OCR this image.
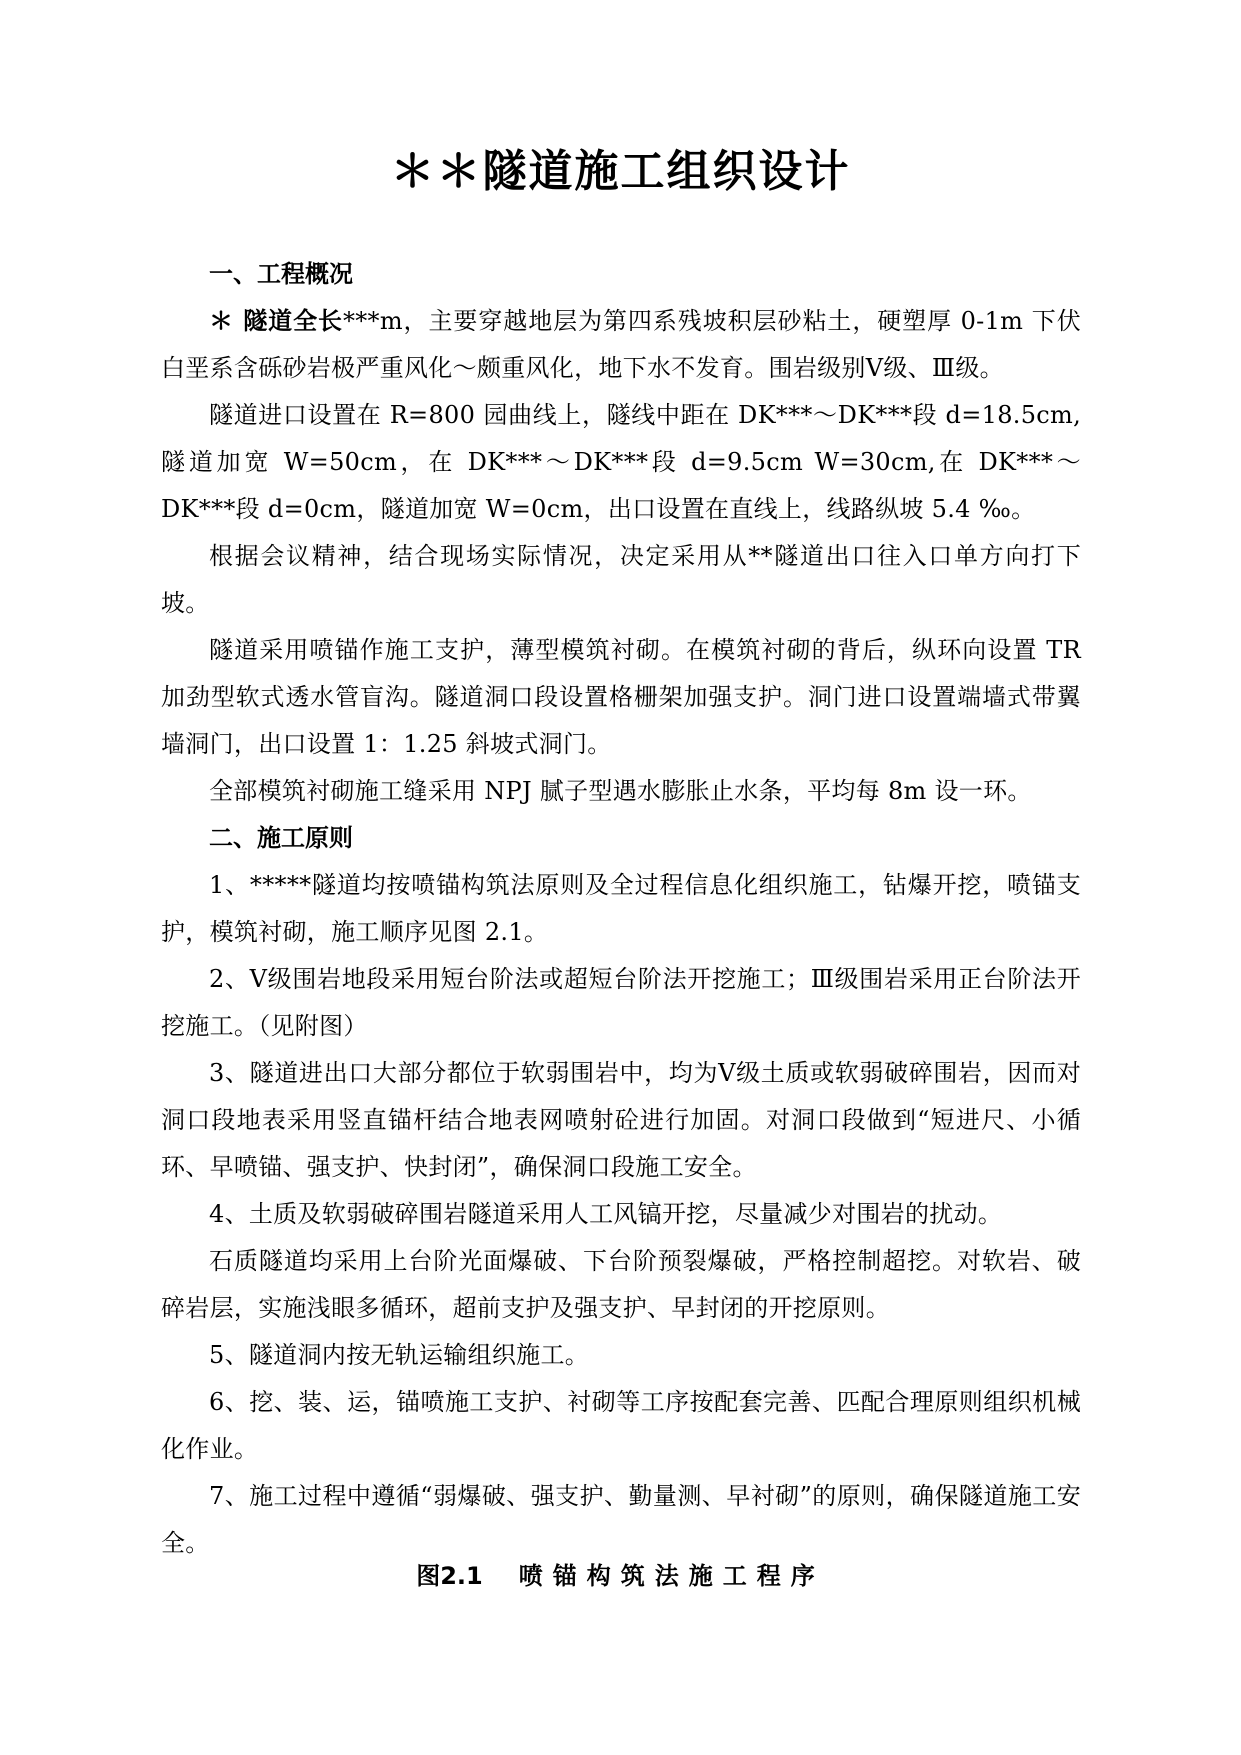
＊＊隧道施工组织设计
一、工程概况

＊ 隧道全长***m，主要穿越地层为第四系残坡积层砂粘土，硬塑厚 0-1m 下伏白垩系含砾砂岩极严重风化～颇重风化，地下水不发育。围岩级别Ⅴ级、Ⅲ级。

隧道进口设置在 R=800 园曲线上，隧线中距在 DK***～DK***段 d=18.5cm,隧道加宽 W=50cm，在 DK***～DK***段 d=9.5cm W=30cm,在 DK***～DK***段 d=0cm，隧道加宽 W=0cm，出口设置在直线上，线路纵坡 5.4 ‰。

根据会议精神，结合现场实际情况，决定采用从**隧道出口往入口单方向打下坡。

隧道采用喷锚作施工支护，薄型模筑衬砌。在模筑衬砌的背后，纵环向设置 TR 加劲型软式透水管盲沟。隧道洞口段设置格栅架加强支护。洞门进口设置端墙式带翼墙洞门，出口设置 1：1.25 斜坡式洞门。

全部模筑衬砌施工缝采用 NPJ 腻子型遇水膨胀止水条，平均每 8m 设一环。

二、施工原则

1、*****隧道均按喷锚构筑法原则及全过程信息化组织施工，钻爆开挖，喷锚支护，模筑衬砌，施工顺序见图 2.1。

2、Ⅴ级围岩地段采用短台阶法或超短台阶法开挖施工；Ⅲ级围岩采用正台阶法开挖施工。（见附图）

3、隧道进出口大部分都位于软弱围岩中，均为Ⅴ级土质或软弱破碎围岩，因而对洞口段地表采用竖直锚杆结合地表网喷射砼进行加固。对洞口段做到“短进尺、小循环、早喷锚、强支护、快封闭”，确保洞口段施工安全。

4、土质及软弱破碎围岩隧道采用人工风镐开挖，尽量减少对围岩的扰动。

石质隧道均采用上台阶光面爆破、下台阶预裂爆破，严格控制超挖。对软岩、破碎岩层，实施浅眼多循环，超前支护及强支护、早封闭的开挖原则。

5、隧道洞内按无轨运输组织施工。

6、挖、装、运，锚喷施工支护、衬砌等工序按配套完善、匹配合理原则组织机械化作业。

7、施工过程中遵循“弱爆破、强支护、勤量测、早衬砌”的原则，确保隧道施工安全。

图2.1 喷锚构筑法施工程序
